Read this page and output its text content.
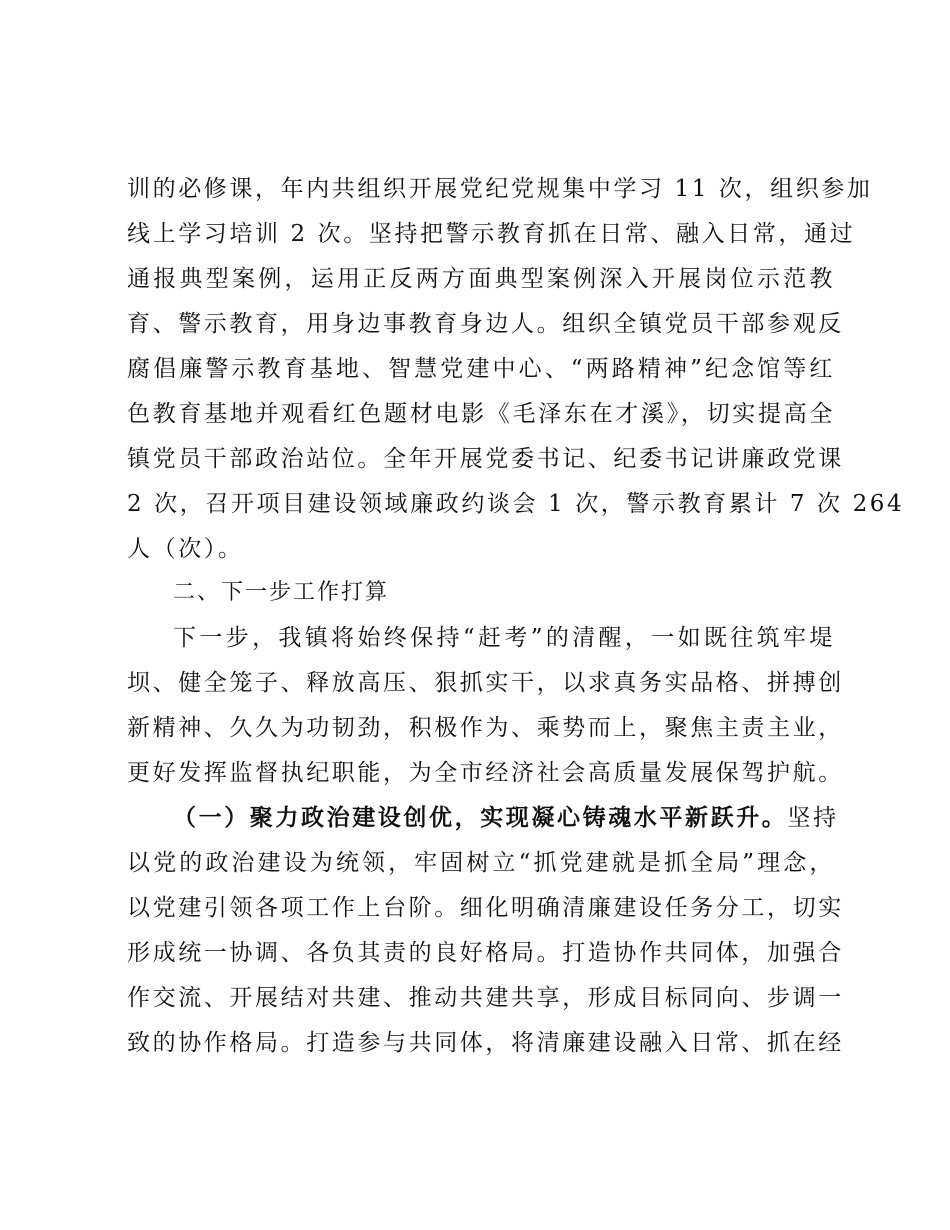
训的必修课，年内共组织开展党纪党规集中学习 11 次，组织参加
线上学习培训 2 次。坚持把警示教育抓在日常、融入日常，通过
通报典型案例，运用正反两方面典型案例深入开展岗位示范教
育、警示教育，用身边事教育身边人。组织全镇党员干部参观反
腐倡廉警示教育基地、智慧党建中心、“两路精神”纪念馆等红
色教育基地并观看红色题材电影《毛泽东在才溪》，切实提高全
镇党员干部政治站位。全年开展党委书记、纪委书记讲廉政党课
2 次，召开项目建设领域廉政约谈会 1 次，警示教育累计 7 次 264
人（次）。
二、下一步工作打算
下一步，我镇将始终保持“赶考”的清醒，一如既往筑牢堤
坝、健全笼子、释放高压、狠抓实干，以求真务实品格、拼搏创
新精神、久久为功韧劲，积极作为、乘势而上，聚焦主责主业，
更好发挥监督执纪职能，为全市经济社会高质量发展保驾护航。
（一）聚力政治建设创优，实现凝心铸魂水平新跃升。坚持
以党的政治建设为统领，牢固树立“抓党建就是抓全局”理念，
以党建引领各项工作上台阶。细化明确清廉建设任务分工，切实
形成统一协调、各负其责的良好格局。打造协作共同体，加强合
作交流、开展结对共建、推动共建共享，形成目标同向、步调一
致的协作格局。打造参与共同体，将清廉建设融入日常、抓在经
